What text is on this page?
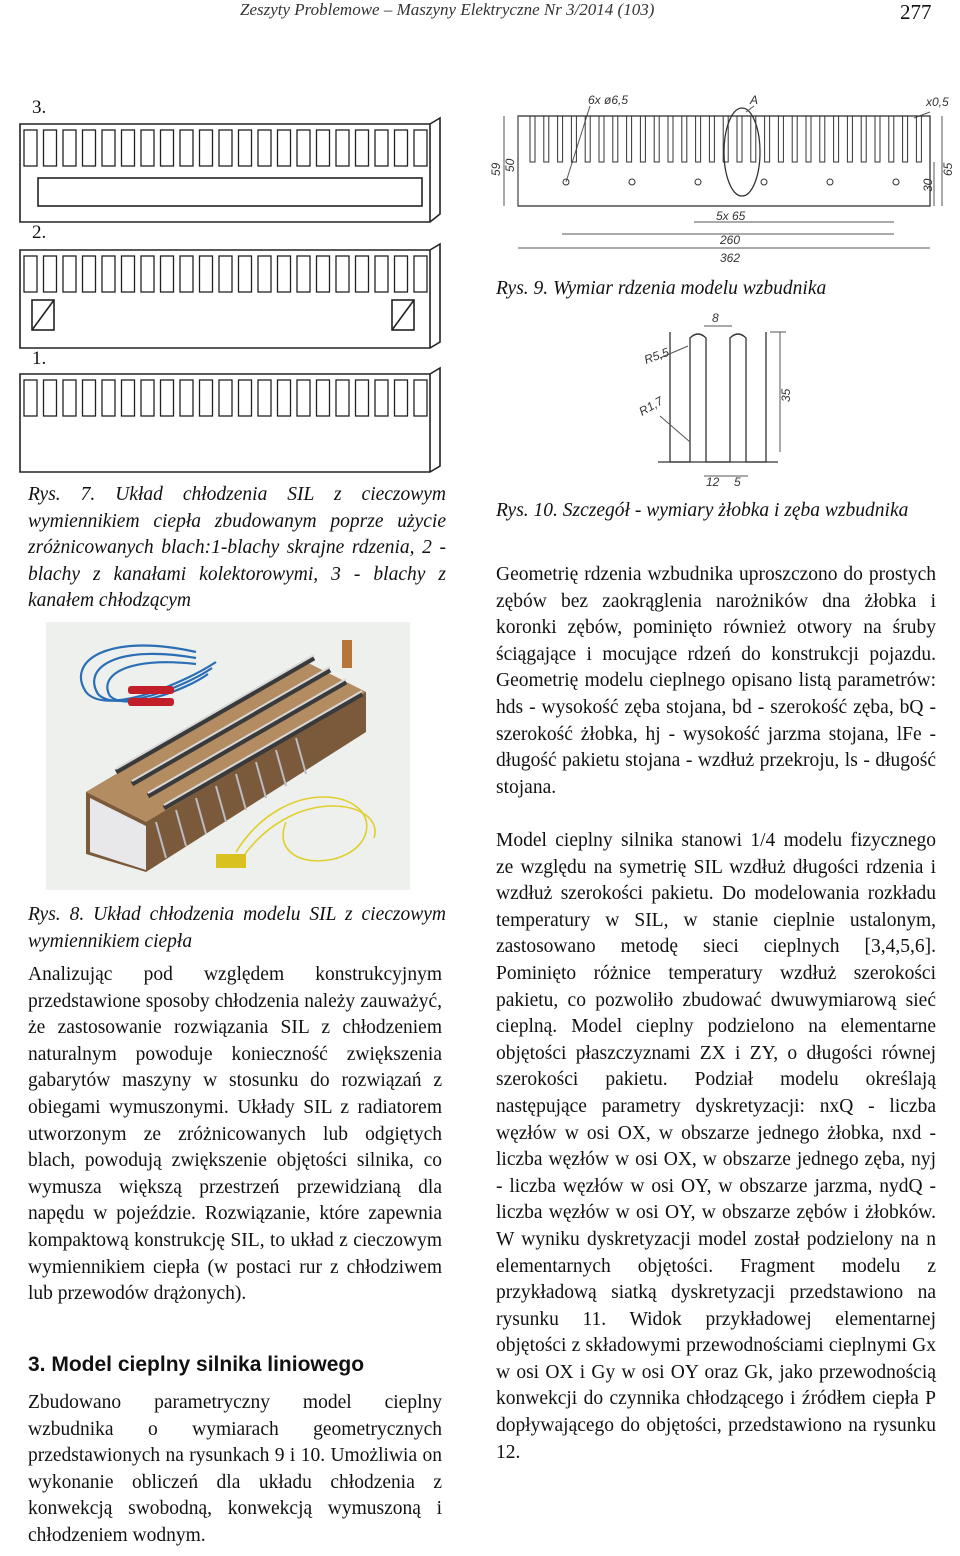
Zeszyty Problemowe – Maszyny Elektryczne Nr 3/2014 (103)	277
3.
2.
1.
Rys. 7. Układ chłodzenia SIL z cieczowym wymiennikiem ciepła zbudowanym poprze użycie zróżnicowanych blach:1-blachy skrajne rdzenia, 2 - blachy z kanałami kolektorowymi, 3 - blachy z kanałem chłodzącym
Rys. 8. Układ chłodzenia modelu SIL z cieczowym wymiennikiem ciepła
Analizując pod względem konstrukcyjnym przedstawione sposoby chłodzenia należy zauważyć, że zastosowanie rozwiązania SIL z chłodzeniem naturalnym powoduje konieczność zwiększenia gabarytów maszyny w stosunku do rozwiązań z obiegami wymuszonymi. Układy SIL z radiatorem utworzonym ze zróżnicowanych lub odgiętych blach, powodują zwiększenie objętości silnika, co wymusza większą przestrzeń przewidzianą dla napędu w pojeździe. Rozwiązanie, które zapewnia kompaktową konstrukcję SIL, to układ z cieczowym wymiennikiem ciepła (w postaci rur z chłodziwem lub przewodów drążonych).
3. Model cieplny silnika liniowego
Zbudowano parametryczny model cieplny wzbudnika o wymiarach geometrycznych przedstawionych na rysunkach 9 i 10. Umożliwia on wykonanie obliczeń dla układu chłodzenia z konwekcją swobodną, konwekcją wymuszoną i chłodzeniem wodnym.
6x ø6,5	A	x0,5
59 50
30
65
5x 65
260
362
Rys. 9. Wymiar rdzenia modelu wzbudnika
8
R5,5
R1,7	35
12 5
Rys. 10. Szczegół - wymiary żłobka i zęba wzbudnika
Geometrię rdzenia wzbudnika uproszczono do prostych zębów bez zaokrąglenia narożników dna żłobka i koronki zębów, pominięto również otwory na śruby ściągające i mocujące rdzeń do konstrukcji pojazdu. Geometrię modelu cieplnego opisano listą parametrów: hds - wysokość zęba stojana, bd - szerokość zęba, bQ - szerokość żłobka, hj - wysokość jarzma stojana, lFe - długość pakietu stojana - wzdłuż przekroju, ls - długość stojana.
Model cieplny silnika stanowi 1/4 modelu fizycznego ze względu na symetrię SIL wzdłuż długości rdzenia i wzdłuż szerokości pakietu. Do modelowania rozkładu temperatury w SIL, w stanie cieplnie ustalonym, zastosowano metodę sieci cieplnych [3,4,5,6]. Pominięto różnice temperatury wzdłuż szerokości pakietu, co pozwoliło zbudować dwuwymiarową sieć cieplną. Model cieplny podzielono na elementarne objętości płaszczyznami ZX i ZY, o długości równej szerokości pakietu. Podział modelu określają następujące parametry dyskretyzacji: nxQ - liczba węzłów w osi OX, w obszarze jednego żłobka, nxd - liczba węzłów w osi OX, w obszarze jednego zęba, nyj - liczba węzłów w osi OY, w obszarze jarzma, nydQ - liczba węzłów w osi OY, w obszarze zębów i żłobków. W wyniku dyskretyzacji model został podzielony na n elementarnych objętości. Fragment modelu z przykładową siatką dyskretyzacji przedstawiono na rysunku 11. Widok przykładowej elementarnej objętości z składowymi przewodnościami cieplnymi Gx w osi OX i Gy w osi OY oraz Gk, jako przewodnością konwekcji do czynnika chłodzącego i źródłem ciepła P dopływającego do objętości, przedstawiono na rysunku 12.
